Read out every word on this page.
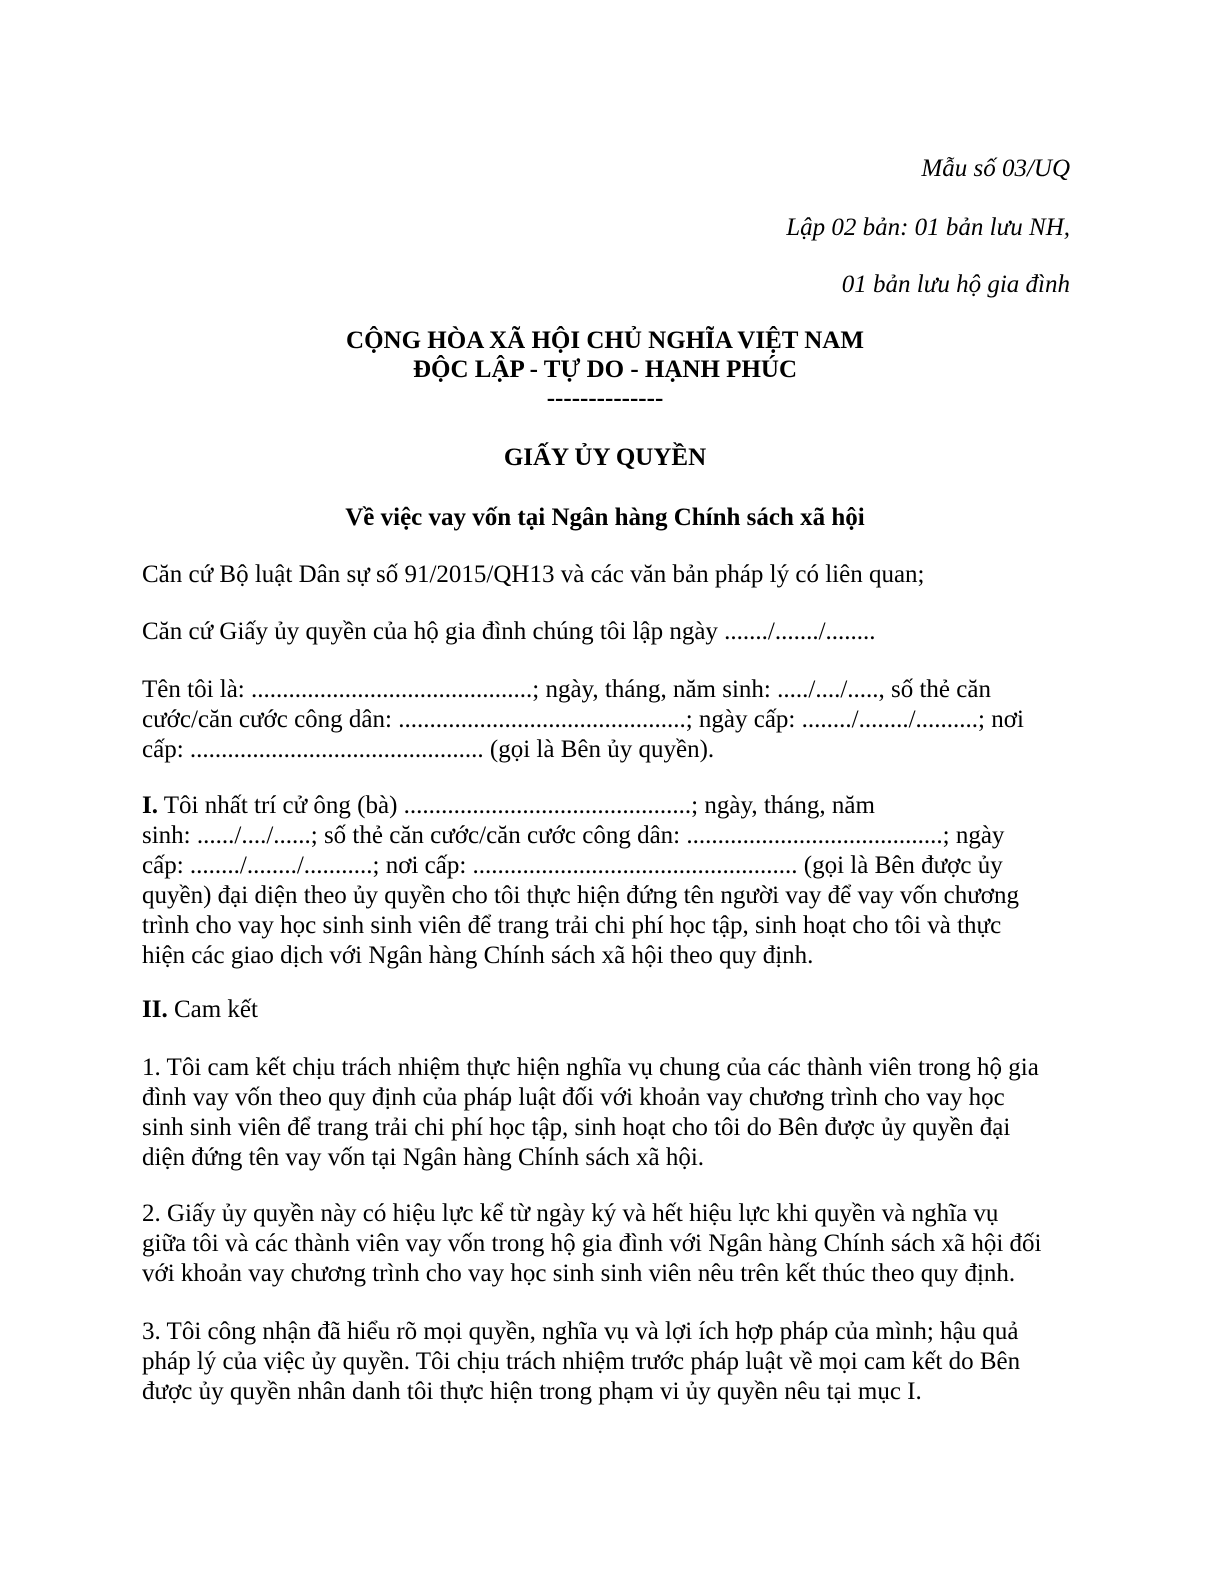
Mẫu số 03/UQ
Lập 02 bản: 01 bản lưu NH,
01 bản lưu hộ gia đình
CỘNG HÒA XÃ HỘI CHỦ NGHĨA VIỆT NAM
ĐỘC LẬP - TỰ DO - HẠNH PHÚC
--------------
GIẤY ỦY QUYỀN
Về việc vay vốn tại Ngân hàng Chính sách xã hội
Căn cứ Bộ luật Dân sự số 91/2015/QH13 và các văn bản pháp lý có liên quan;
Căn cứ Giấy ủy quyền của hộ gia đình chúng tôi lập ngày ......./......./........
Tên tôi là: .............................................; ngày, tháng, năm sinh: ...../..../....., số thẻ căn
cước/căn cước công dân: ..............................................; ngày cấp: ......../......../..........; nơi
cấp: ............................................... (gọi là Bên ủy quyền).
I. Tôi nhất trí cử ông (bà) ..............................................; ngày, tháng, năm
sinh: ....../..../......; số thẻ căn cước/căn cước công dân: .........................................; ngày
cấp: ......../......../...........; nơi cấp: .................................................... (gọi là Bên được ủy
quyền) đại diện theo ủy quyền cho tôi thực hiện đứng tên người vay để vay vốn chương
trình cho vay học sinh sinh viên để trang trải chi phí học tập, sinh hoạt cho tôi và thực
hiện các giao dịch với Ngân hàng Chính sách xã hội theo quy định.
II. Cam kết
1. Tôi cam kết chịu trách nhiệm thực hiện nghĩa vụ chung của các thành viên trong hộ gia
đình vay vốn theo quy định của pháp luật đối với khoản vay chương trình cho vay học
sinh sinh viên để trang trải chi phí học tập, sinh hoạt cho tôi do Bên được ủy quyền đại
diện đứng tên vay vốn tại Ngân hàng Chính sách xã hội.
2. Giấy ủy quyền này có hiệu lực kể từ ngày ký và hết hiệu lực khi quyền và nghĩa vụ
giữa tôi và các thành viên vay vốn trong hộ gia đình với Ngân hàng Chính sách xã hội đối
với khoản vay chương trình cho vay học sinh sinh viên nêu trên kết thúc theo quy định.
3. Tôi công nhận đã hiểu rõ mọi quyền, nghĩa vụ và lợi ích hợp pháp của mình; hậu quả
pháp lý của việc ủy quyền. Tôi chịu trách nhiệm trước pháp luật về mọi cam kết do Bên
được ủy quyền nhân danh tôi thực hiện trong phạm vi ủy quyền nêu tại mục I.
